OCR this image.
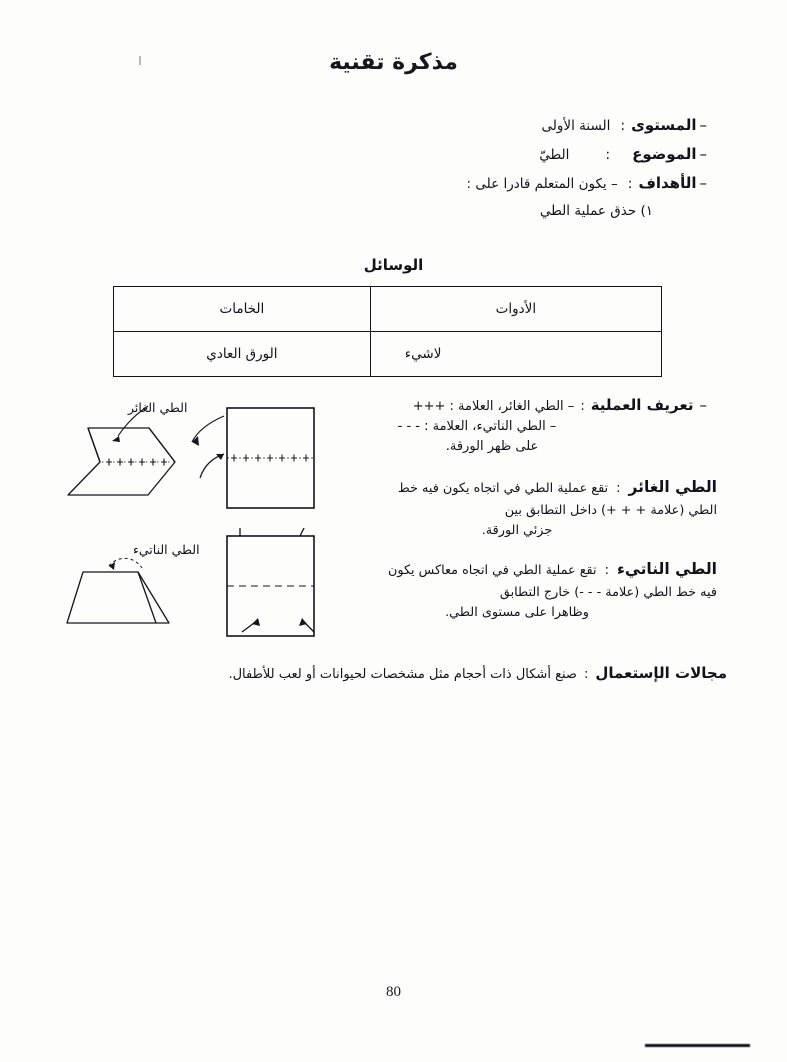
مذكرة تقنية
–
المستوى
:
السنة الأولى
–
الموضوع
:
الطيّ
–
الأهداف
:
– يكون المتعلم قادرا على :
١) حذق عملية الطي
الوسائل
الأدوات	الخامات
لاشيء	الورق العادي
–
تعريف العملية
:
– الطي الغائر، العلامة : +++
– الطي الناتيء، العلامة : - - -
على ظهر الورقة.
الطي الغائر
:
تقع عملية الطي في اتجاه يكون فيه خط
الطي (علامة + + +) داخل التطابق بين
جزئي الورقة.
الطي الناتيء
:
تقع عملية الطي في اتجاه معاكس يكون
فيه خط الطي (علامة - - -) خارج التطابق
وظاهرا على مستوى الطي.
الطي الغائر
الطي الناتيء
مجالات الإستعمال
:
صنع أشكال ذات أحجام مثل مشخصات لحيوانات أو لعب للأطفال.
80
